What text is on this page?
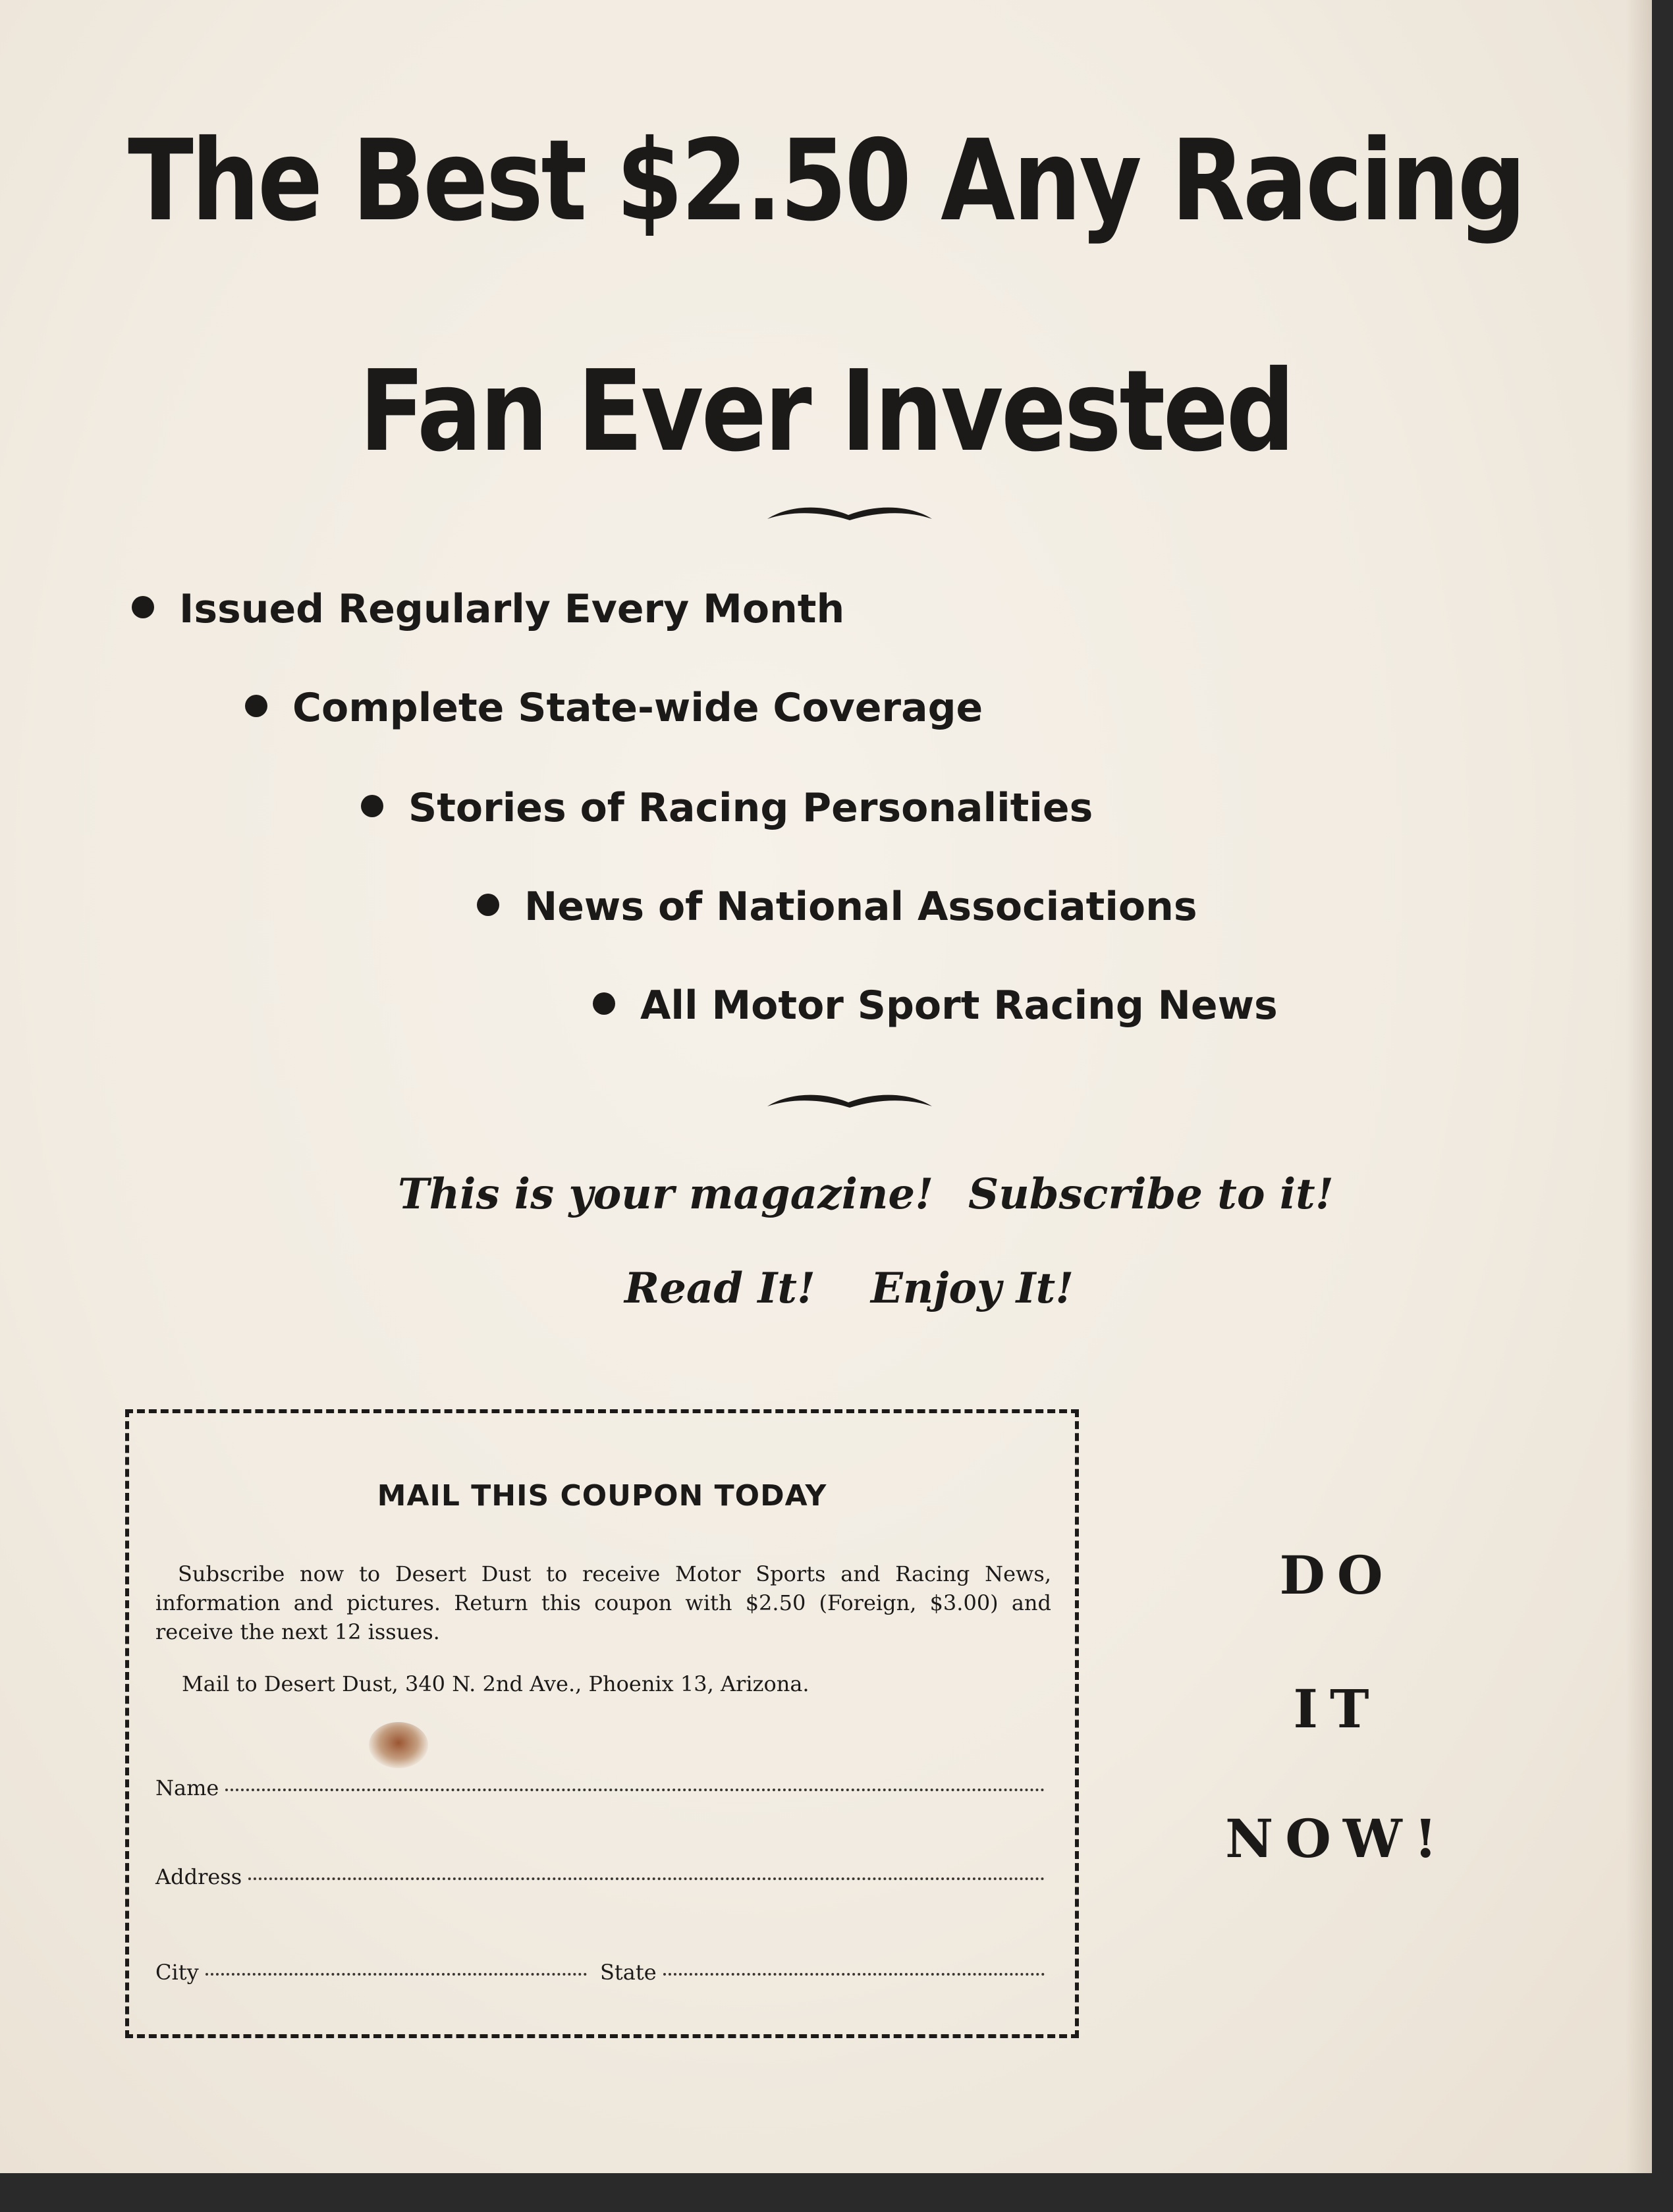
The Best $2.50 Any Racing
Fan Ever Invested
Issued Regularly Every Month
Complete State-wide Coverage
Stories of Racing Personalities
News of National Associations
All Motor Sport Racing News
This is your magazine! Subscribe to it!
Read It! Enjoy It!
MAIL THIS COUPON TODAY
Subscribe now to Desert Dust to receive Motor Sports and Racing News, information and pictures. Return this coupon with $2.50 (Foreign, $3.00) and receive the next 12 issues.
Mail to Desert Dust, 340 N. 2nd Ave., Phoenix 13, Arizona.
Name
Address
City	State
DO
IT
NOW!
